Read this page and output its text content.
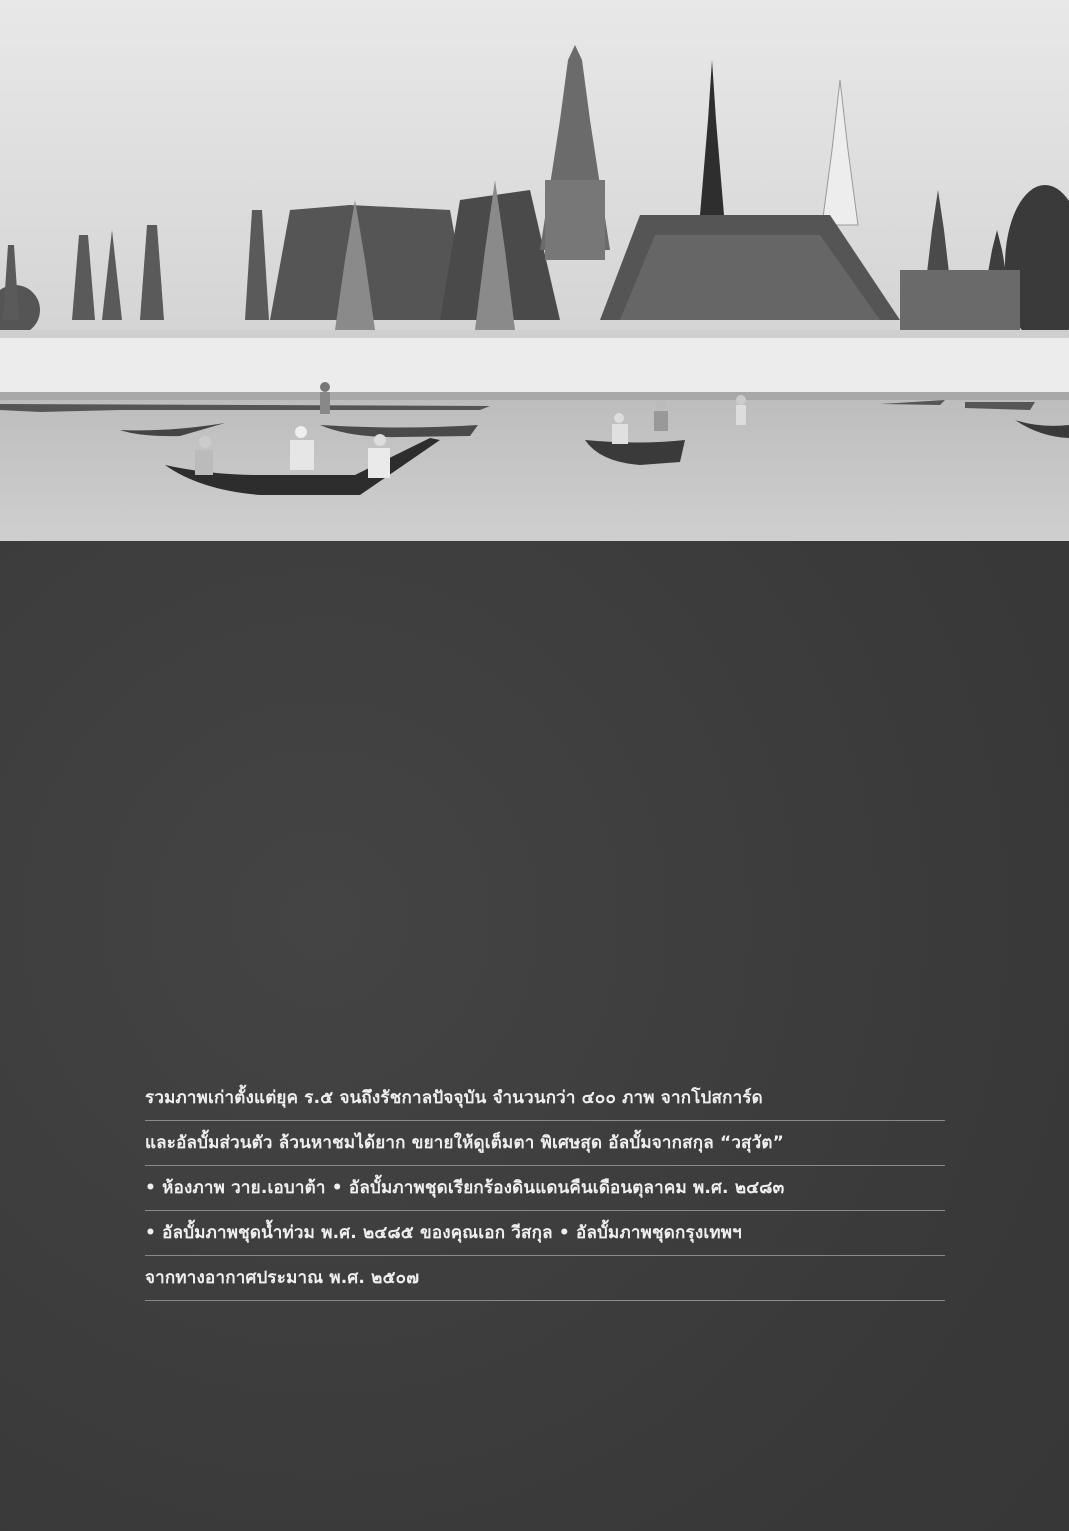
รวมภาพเก่าตั้งแต่ยุค ร.๕ จนถึงรัชกาลปัจจุบัน จำนวนกว่า ๔๐๐ ภาพ จากโปสการ์ด
และอัลบั้มส่วนตัว ล้วนหาชมได้ยาก ขยายให้ดูเต็มตา พิเศษสุด อัลบั้มจากสกุล “วสุวัต”
• ห้องภาพ วาย.เอบาต้า • อัลบั้มภาพชุดเรียกร้องดินแดนคืนเดือนตุลาคม พ.ศ. ๒๔๘๓
• อัลบั้มภาพชุดน้ำท่วม พ.ศ. ๒๔๘๕ ของคุณเอก วีสกุล • อัลบั้มภาพชุดกรุงเทพฯ
จากทางอากาศประมาณ พ.ศ. ๒๕๐๗
